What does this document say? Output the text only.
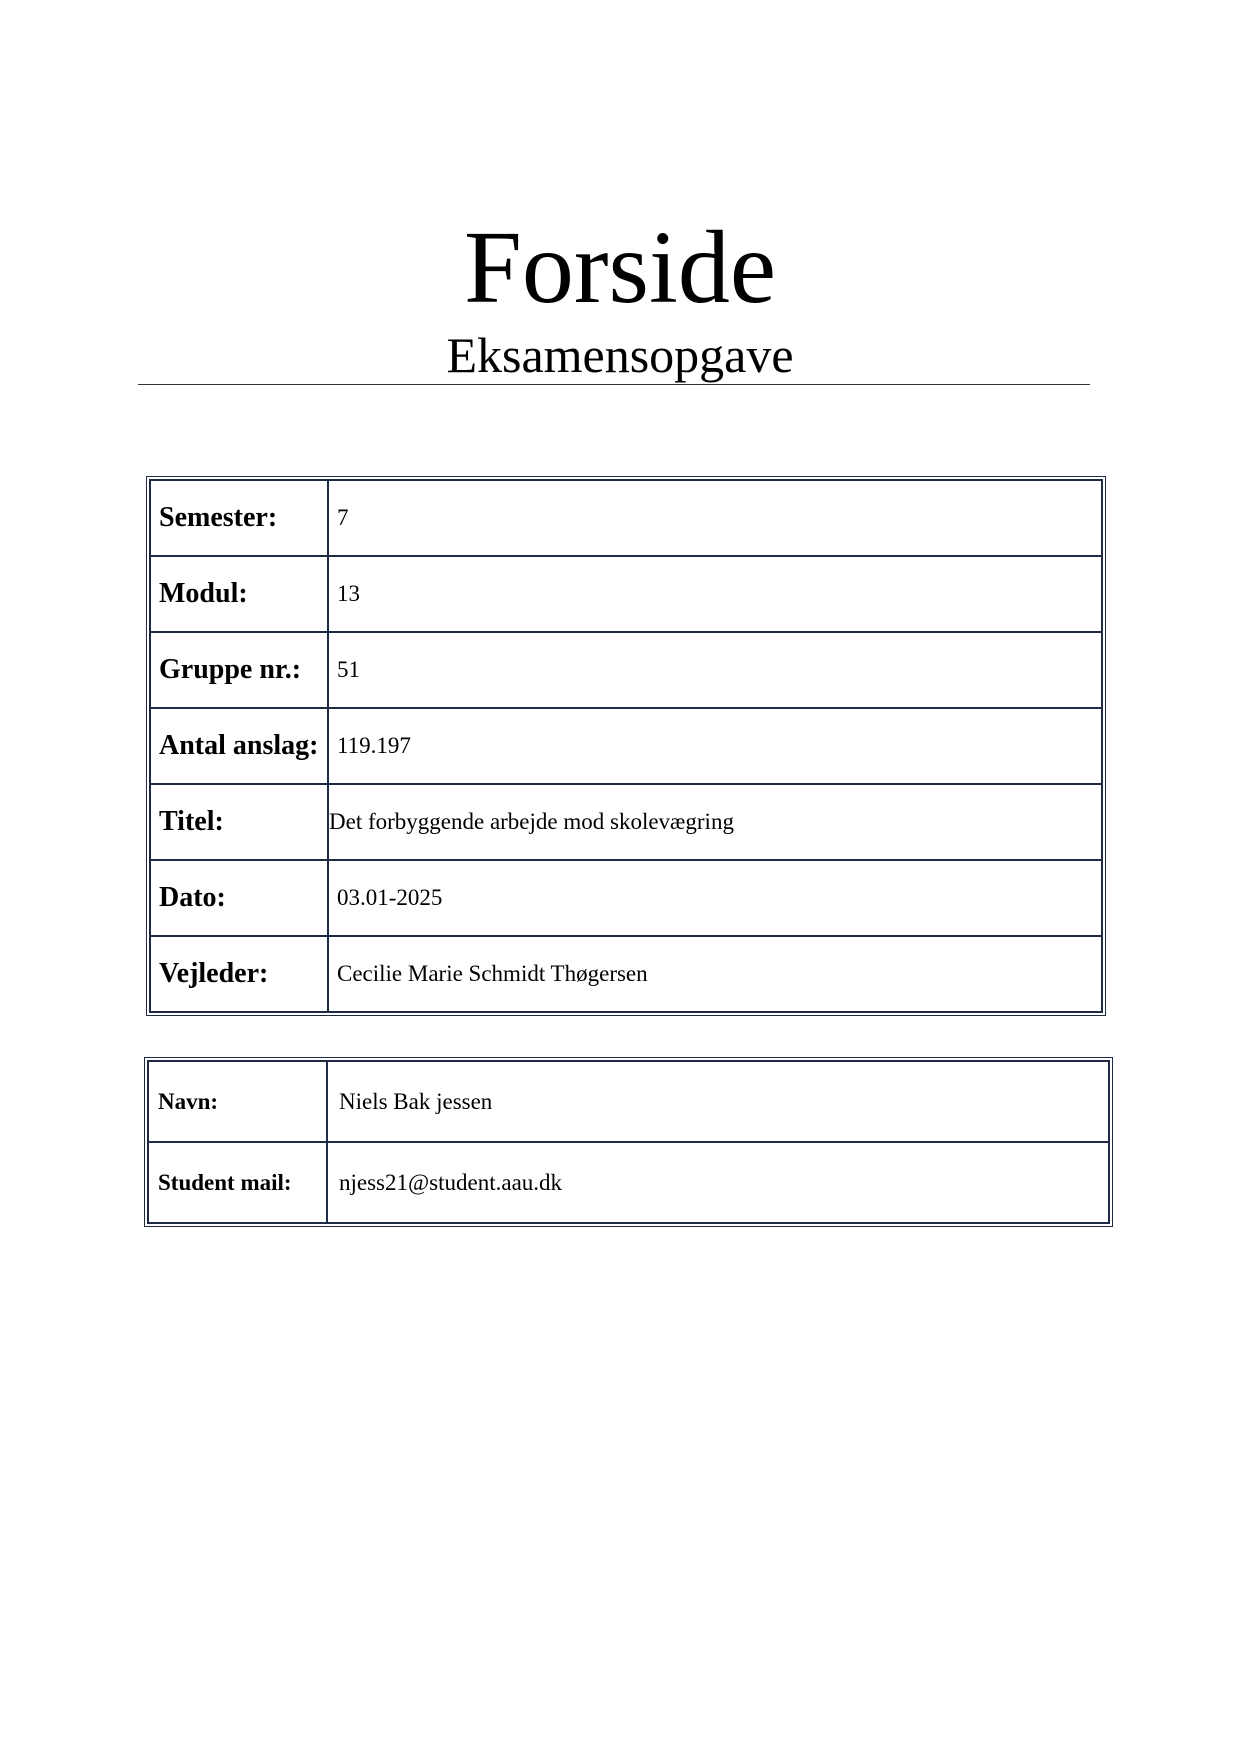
Forside
Eksamensopgave
Semester:	7
Modul:	13
Gruppe nr.:	51
Antal anslag:	119.197
Titel:	Det forbyggende arbejde mod skolevægring
Dato:	03.01-2025
Vejleder:	Cecilie Marie Schmidt Thøgersen
Navn:	Niels Bak jessen
Student mail:	njess21@student.aau.dk
